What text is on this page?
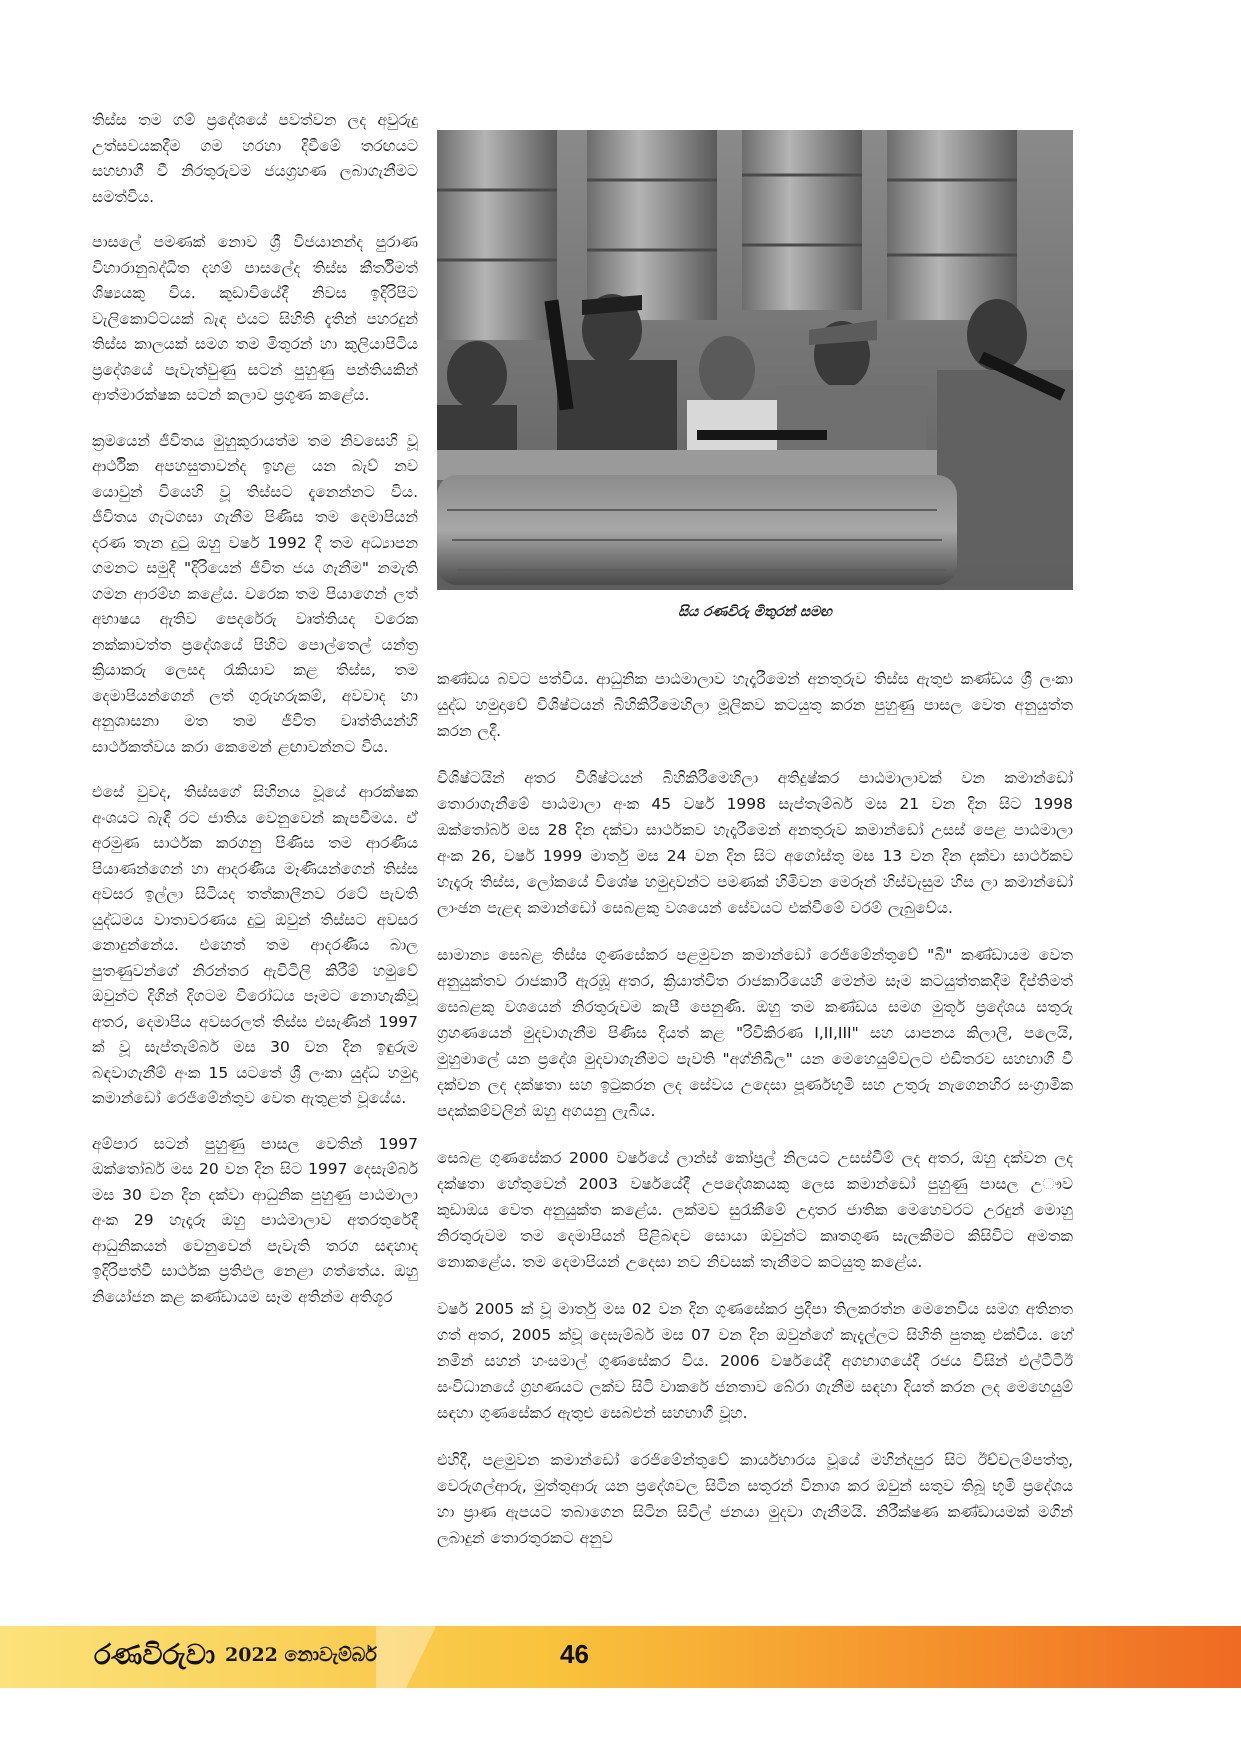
තිස්ස තම ගම් ප්‍රදේශයේ පවත්වන ලද අවුරුදු උත්සවයකදීම ගම හරහා දිවීමේ තරඟයට සහභාගී වී නිරතුරුවම ජයග්‍රහණ ලබාගැනීමට සමත්විය.

පාසලේ පමණක් නොව ශ්‍රී විජයානන්ද පුරාණ විහාරානුබද්ධිත දහම් පාසලේද තිස්ස කීර්තිමත් ශිෂ්‍යයකු විය. කුඩාවියේදී නිවස ඉදිරිපිට වැලිකොට්ටයක් බැඳ එයට සිහිති දැතින් පහරදුන් තිස්ස කාලයක් සමග තම මිතුරන් හා කුලියාපිටිය ප්‍රදේශයේ පැවැත්වුණු සටන් පුහුණු පන්තියකින් ආත්මාරක්ෂක සටන් කලාව ප්‍රගුණ කළේය.

ක්‍රමයෙන් ජීවිතය මුහුකුරායත්ම තම නිවසෙහි වූ ආර්ථික අපහසුතාවන්ද ඉහළ යන බැව් නව යොවුන් වියෙහි වූ තිස්සට දැනෙන්නට විය. ජීවිතය ගැටගසා ගැනීම පිණිස තම දෙමාපියන් දරණ තැන දුටු ඔහු වර්ෂ 1992 දී තම අධ්‍යාපන ගමනට සමුදී "දිරියෙන් ජීවිත ජය ගැනීම" නමැති ගමන ආරම්භ කළේය. වරෙක තම පියාගෙන් ලත් අභාෂය ඇතිව පෙදරේරු වෘත්තියද වරෙක නක්කාවත්ත ප්‍රදේශයේ පිහිට පොල්තෙල් යන්ත්‍ර ක්‍රියාකරු ලෙසද රැකියාව කළ තිස්ස, තම දෙමාපියන්ගෙන් ලත් ගුරුහරුකම්, අවවාද හා අනුශාසනා මත තම ජීවිත වෘත්තියන්හි සාර්ථකත්වය කරා කෙමෙන් ළඟාවන්නට විය.

එසේ වුවද, තිස්සගේ සිහිනය වූයේ ආරක්ෂක අංශයට බැඳී රට ජාතිය වෙනුවෙන් කැපවීමය. ඒ අරමුණ සාර්ථක කරගනු පිණිස තම ආරණීය පියාණන්ගෙන් හා ආදරණීය මෑණියන්ගෙන් තිස්ස අවසර ඉල්ලා සිටියද තත්කාලීනව රටේ පැවති යුද්ධමය වාතාවරණය දුටු ඔවුන් තිස්සට අවසර නොදුන්නේය. එහෙත් තම ආදරණීය බාල පුතණුවන්ගේ නිරන්තර ඇවිටිලි කිරීම් හමුවේ ඔවුන්ට දිගින් දිගටම විරෝධය පෑමට නොහැකිවූ අතර, දෙමාපිය අවසරලත් තිස්ස එසැණින් 1997 ක් වූ සැප්තැම්බර් මස 30 වන දින ඉඳුරුම බඳවාගැනීම් අංක 15 යටතේ ශ්‍රී ලංකා යුද්ධ හමුදා කමාන්ඩෝ රෙජිමේන්තුව වෙත ඇතුළත් වූයේය.

අම්පාර සටන් පුහුණු පාසල වෙතින් 1997 ඔක්තෝබර් මස 20 වන දින සිට 1997 දෙසැම්බර් මස 30 වන දින දක්වා ආධුනික පුහුණු පාඨමාලා අංක 29 හැදෑරූ ඔහු පාඨමාලාව අතරතුරේදී ආධුනිකයන් වෙනුවෙන් පැවැති තරග සඳහාද ඉදිරිපත්වී සාර්ථක ප්‍රතිඵල නෙළා ගත්තේය. ඔහු නියෝජන කළ කණ්ඩායම සෑම අතින්ම අතිශූර

සිය රණවිරු මිතුරන් සමඟ

කණ්ඩය බවට පත්විය. ආධුනික පාඨමාලාව හැදෑරීමෙන් අනතුරුව තිස්ස ඇතුළු කණ්ඩය ශ්‍රී ලංකා යුද්ධ හමුදාවේ විශිෂ්ටයන් බිහිකිරීමෙහිලා මූලිකව කටයුතු කරන පුහුණු පාසල වෙත අනුයුත්ත කරන ලදී.

විශිෂ්ටයින් අතර විශිෂ්ටයන් බිහිකිරීමෙහිලා අතිදුෂ්කර පාඨමාලාවක් වන කමාන්ඩෝ තොරාගැනීමේ පාඨමාලා අංක 45 වර්ෂ 1998 සැප්තැම්බර් මස 21 වන දින සිට 1998 ඔක්තෝබර් මස 28 දින දක්වා සාර්ථකව හැදෑරීමෙන් අනතුරුව කමාන්ඩෝ උසස් පෙළ පාඨමාලා අංක 26, වර්ෂ 1999 මාර්තු මස 24 වන දින සිට අගෝස්තු මස 13 වන දින දක්වා සාර්ථකව හැදෑරූ තිස්ස, ලෝකයේ විශේෂ හමුදාවන්ට පමණක් හිමිවන මෙරූන් හිස්වැසුම හිස ලා කමාන්ඩෝ ලාංඡන පැළඳ කමාන්ඩෝ සෙබළකු වශයෙන් සේවයට එක්වීමේ වරම් ලැබුවේය.

සාමාන්‍ය සෙබළ තිස්ස ගුණසේකර පළමුවන කමාන්ඩෝ රෙජිමේන්තුවේ "බී" කණ්ඩායම වෙත අනුයුක්තව රාජකාරී ඇරඹූ අතර, ක්‍රියාත්විත රාජකාරියෙහි මෙන්ම සෑම කටයුත්තකදීම දීප්තිමත් සෙබළකු වශයෙන් නිරතුරුවම කැපී පෙනුණි. ඔහු තම කණ්ඩය සමග මුතූර් ප්‍රදේශය සතුරු ග්‍රහණයෙන් මුදවාගැනීම පිණිස දියත් කළ "රිවිකිරණ I,II,III" සහ යාපනය කිලාලි, පලෙයි, මුහුමාලේ යන ප්‍රදේශ මුදවාගැනීමට පැවති "අග්නිඛීල" යන මෙහෙයුම්වලට එඩිතරව සහභාගී වී දක්වන ලද දක්ෂතා සහ ඉටුකරන ලද සේවය උදෙසා පූර්ණභූමි සහ උතුරු නැගෙනහිර සංග්‍රාමික පදක්කම්වලින් ඔහු අගයනු ලැබීය.

සෙබළ ගුණසේකර 2000 වර්ෂයේ ලාන්ස් කෝප්‍රල් නිලයට උසස්වීම් ලද අතර, ඔහු දක්වන ලද දක්ෂතා හේතුවෙන් 2003 වර්ෂයේදී උපදේශකයකු ලෙස කමාන්ඩෝ පුහුණු පාසල උෟව කුඩාඔය වෙත අනුයුක්ත කළේය. ලක්මව සුරැකීමේ උදාතර ජාතික මෙහෙවරට උරදුන් මොහු නිරතුරුවම තම දෙමාපියන් පිළිබඳව සොයා ඔවුන්ට කෘතගුණ සැලකීමට කිසිවිට අමතක නොකළේය. තම දෙමාපියන් උදෙසා නව නිවසක් තැනීමට කටයුතු කළේය.

වර්ෂ 2005 ක් වූ මාර්තු මස 02 වන දින ගුණසේකර ප්‍රදීපා තිලකරත්න මෙනෙවිය සමග අතිනත ගත් අතර, 2005 ක්වූ දෙසැම්බර් මස 07 වන දින ඔවුන්ගේ කැදැල්ලට සිහිති පුතකු එක්විය. හේ නමින් සහන් හංසමාල් ගුණසේකර විය. 2006 වර්ෂයේදී අගභාගයේදී රජය විසින් එල්ටීටීඊ සංවිධානයේ ග්‍රහණයට ලක්ව සිටි වාකරේ ජනතාව බේරා ගැනීම සඳහා දියත් කරන ලද මෙහෙයුම් සඳහා ගුණසේකර ඇතුළු සෙබළුන් සහභාගී වූහ.

එහිදී, පළමුවන කමාන්ඩෝ රෙජිමේන්තුවේ කාර්යභාරය වූයේ මහින්දපුර සිට ඊච්චලම්පත්තු, වෙරුගල්ආරු, මුත්තුආරු යන ප්‍රදේශවල සිටින සතුරන් විනාශ කර ඔවුන් සතුව තිබූ භූමි ප්‍රදේශය හා ප්‍රාණ ඇපයට තබාගෙන සිටින සිවිල් ජනයා මුදවා ගැනීමයි. නිරීක්ෂණ කණ්ඩායමක් මගින් ලබාදුන් තොරතුරකට අනුව

රණවිරුවා 2022 නොවැම්බර්	46
